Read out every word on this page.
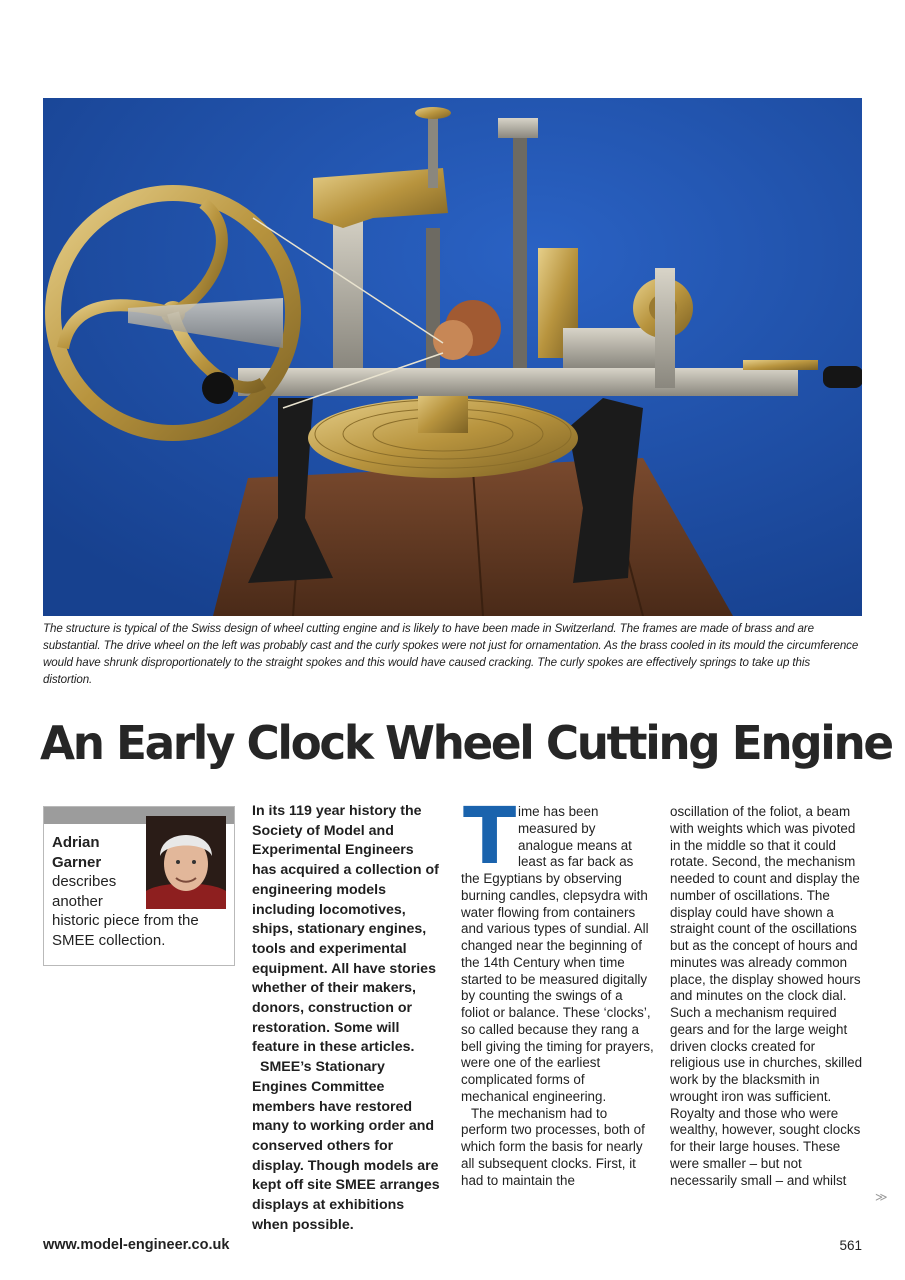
The structure is typical of the Swiss design of wheel cutting engine and is likely to have been made in Switzerland. The frames are made of brass and are substantial. The drive wheel on the left was probably cast and the curly spokes were not just for ornamentation. As the brass cooled in its mould the circumference would have shrunk disproportionately to the straight spokes and this would have caused cracking. The curly spokes are effectively springs to take up this distortion.

An Early Clock Wheel Cutting Engine

Adrian Garner
describes another
historic piece from the SMEE collection.

In its 119 year history the Society of Model and Experimental Engineers has acquired a collection of engineering models including locomotives, ships, stationary engines, tools and experimental equipment. All have stories whether of their makers, donors, construction or restoration. Some will feature in these articles.

SMEE’s Stationary Engines Committee members have restored many to working order and conserved others for display. Though models are kept off site SMEE arranges displays at exhibitions when possible.

T ime has been measured by analogue means at least as far back as the Egyptians by observing burning candles, clepsydra with water flowing from containers and various types of sundial. All changed near the beginning of the 14th Century when time started to be measured digitally by counting the swings of a foliot or balance. These ‘clocks’, so called because they rang a bell giving the timing for prayers, were one of the earliest complicated forms of mechanical engineering.

The mechanism had to perform two processes, both of which form the basis for nearly all subsequent clocks. First, it had to maintain the

oscillation of the foliot, a beam with weights which was pivoted in the middle so that it could rotate. Second, the mechanism needed to count and display the number of oscillations. The display could have shown a straight count of the oscillations but as the concept of hours and minutes was already common place, the display showed hours and minutes on the clock dial. Such a mechanism required gears and for the large weight driven clocks created for religious use in churches, skilled work by the blacksmith in wrought iron was sufficient. Royalty and those who were wealthy, however, sought clocks for their large houses. These were smaller – but not necessarily small – and whilst

≫

www.model-engineer.co.uk	561
